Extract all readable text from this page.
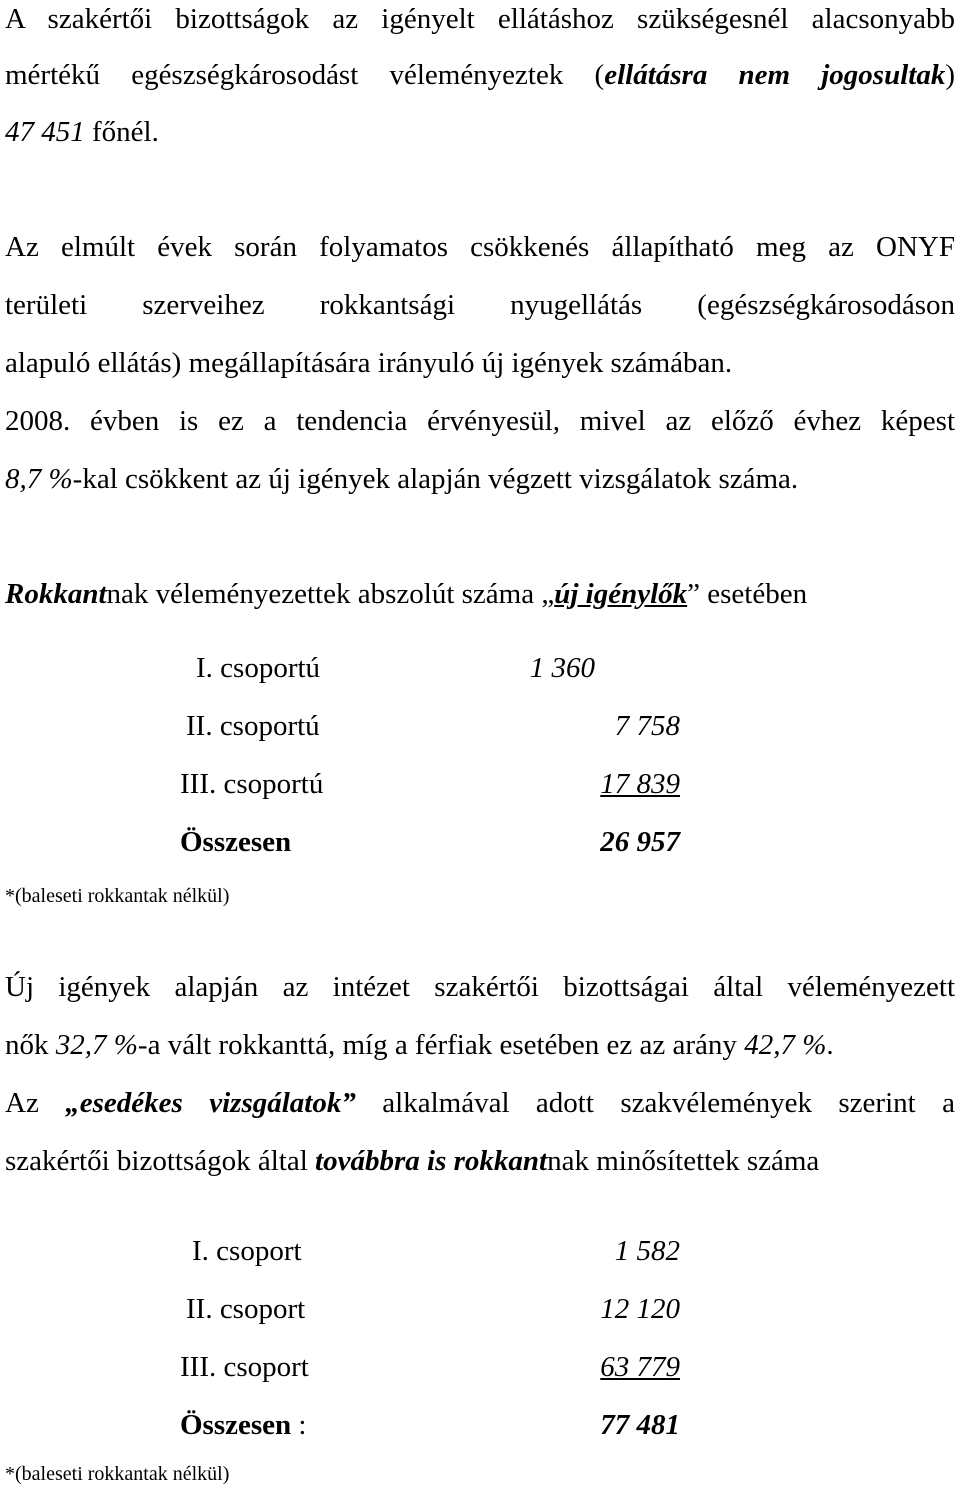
A szakértői bizottságok az igényelt ellátáshoz szükségesnél alacsonyabb
mértékű egészségkárosodást véleményeztek (ellátásra nem jogosultak)
47 451 főnél.
Az elmúlt évek során folyamatos csökkenés állapítható meg az ONYF
területi szerveihez rokkantsági nyugellátás (egészségkárosodáson
alapuló ellátás) megállapítására irányuló új igények számában.
2008. évben is ez a tendencia érvényesül, mivel az előző évhez képest
8,7 %-kal csökkent az új igények alapján végzett vizsgálatok száma.
Rokkantnak véleményezettek abszolút száma „új igénylők” esetében
I. csoportú	1 360
II. csoportú	7 758
III. csoportú	17 839
Összesen	26 957
*(baleseti rokkantak nélkül)
Új igények alapján az intézet szakértői bizottságai által véleményezett
nők 32,7 %-a vált rokkanttá, míg a férfiak esetében ez az arány 42,7 %.
Az „esedékes vizsgálatok” alkalmával adott szakvélemények szerint a
szakértői bizottságok által továbbra is rokkantnak minősítettek száma
I. csoport	1 582
II. csoport	12 120
III. csoport	63 779
Összesen :	77 481
*(baleseti rokkantak nélkül)
